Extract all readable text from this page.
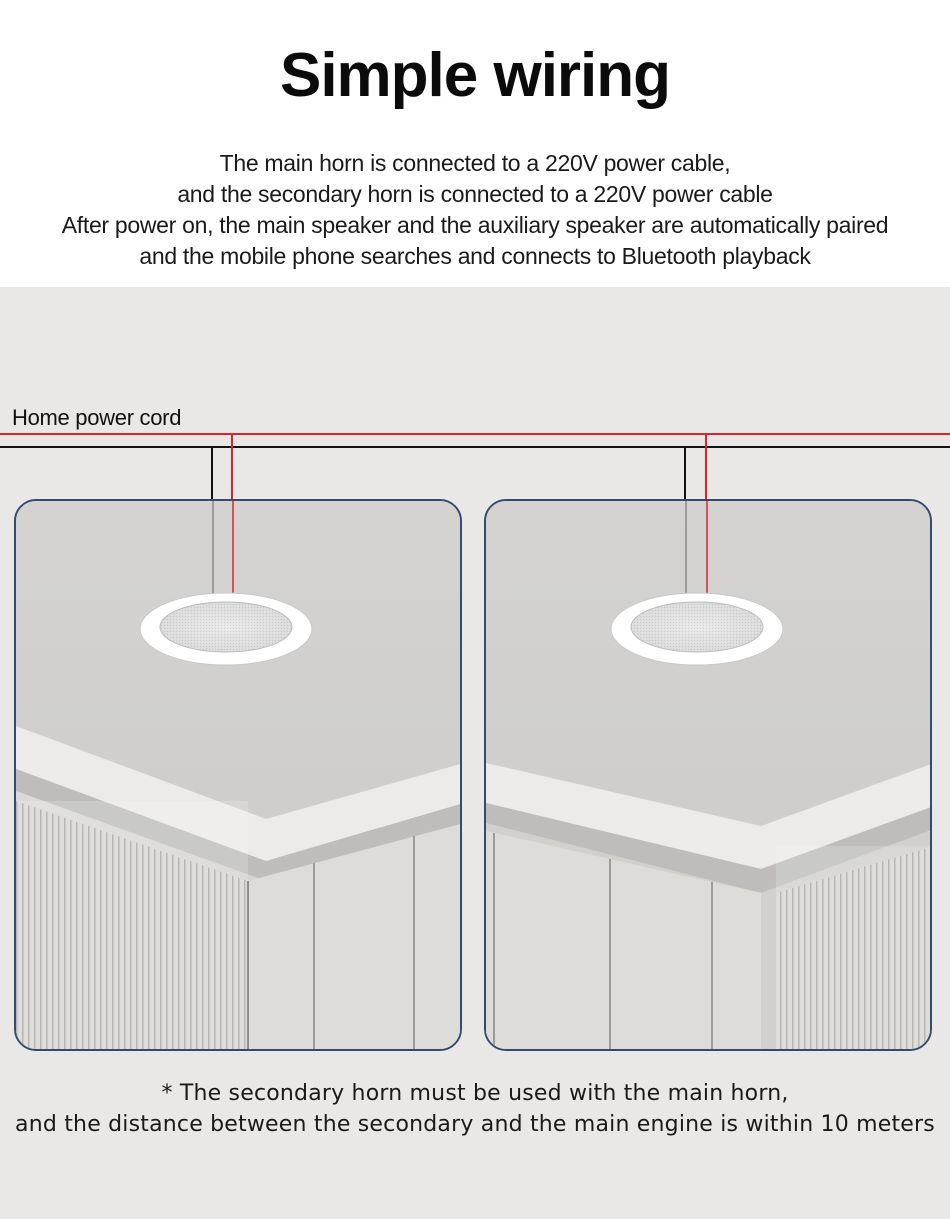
Simple wiring
The main horn is connected to a 220V power cable,
and the secondary horn is connected to a 220V power cable
After power on, the main speaker and the auxiliary speaker are automatically paired
and the mobile phone searches and connects to Bluetooth playback
Home power cord
* The secondary horn must be used with the main horn,
and the distance between the secondary and the main engine is within 10 meters
